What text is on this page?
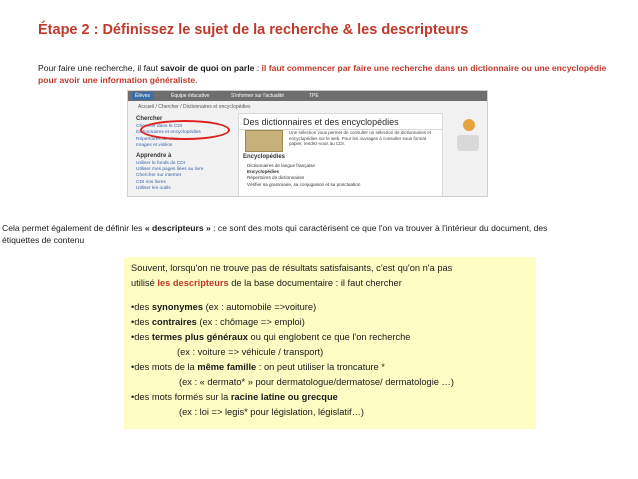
Étape 2 : Définissez le sujet de la recherche & les descripteurs
Pour faire une recherche, il faut savoir de quoi on parle : il faut commencer par faire une recherche dans un dictionnaire ou une encyclopédie pour avoir une information généraliste.
Élèves	Équipe éducative	S'informer sur l'actualité	TPE
Accueil / Chercher / Dictionnaires et encyclopédies
Chercher
Chercher dans le CDI
Dictionnaires et encyclopédies
Répertoires de sites
Images et vidéos
Apprendre à
Utiliser le fonds du CDI
Utiliser mes pages liées au livre
Chercher sur internet
CDI nos livres
Utiliser les outils
Des dictionnaires et des encyclopédies
Une sélection vous permet de consulter un sélection de dictionnaires et encyclopédies sur le web. Pour les ouvrages à consulter sous format papier, rendez-vous au CDI.
Encyclopédies
Dictionnaires de langue française
Encyclopédies
Répertoires de dictionnaires
Vérifier sa grammaire, sa conjugaison et sa ponctuation
Cela permet également de définir les « descripteurs » : ce sont des mots qui caractérisent ce que l'on va trouver à l'intérieur du document, des étiquettes de contenu
Souvent, lorsqu'on ne trouve pas de résultats satisfaisants, c'est qu'on n'a pas
utilisé les descripteurs de la base documentaire : il faut chercher
•des synonymes (ex : automobile =>voiture)
•des contraires (ex : chômage => emploi)
•des termes plus généraux ou qui englobent ce que l'on recherche
(ex : voiture => véhicule / transport)
•des mots de la même famille : on peut utiliser la troncature *
(ex : « dermato* » pour dermatologue/dermatose/ dermatologie …)
•des mots formés sur la racine latine ou grecque
(ex : loi => legis* pour législation, législatif…)
